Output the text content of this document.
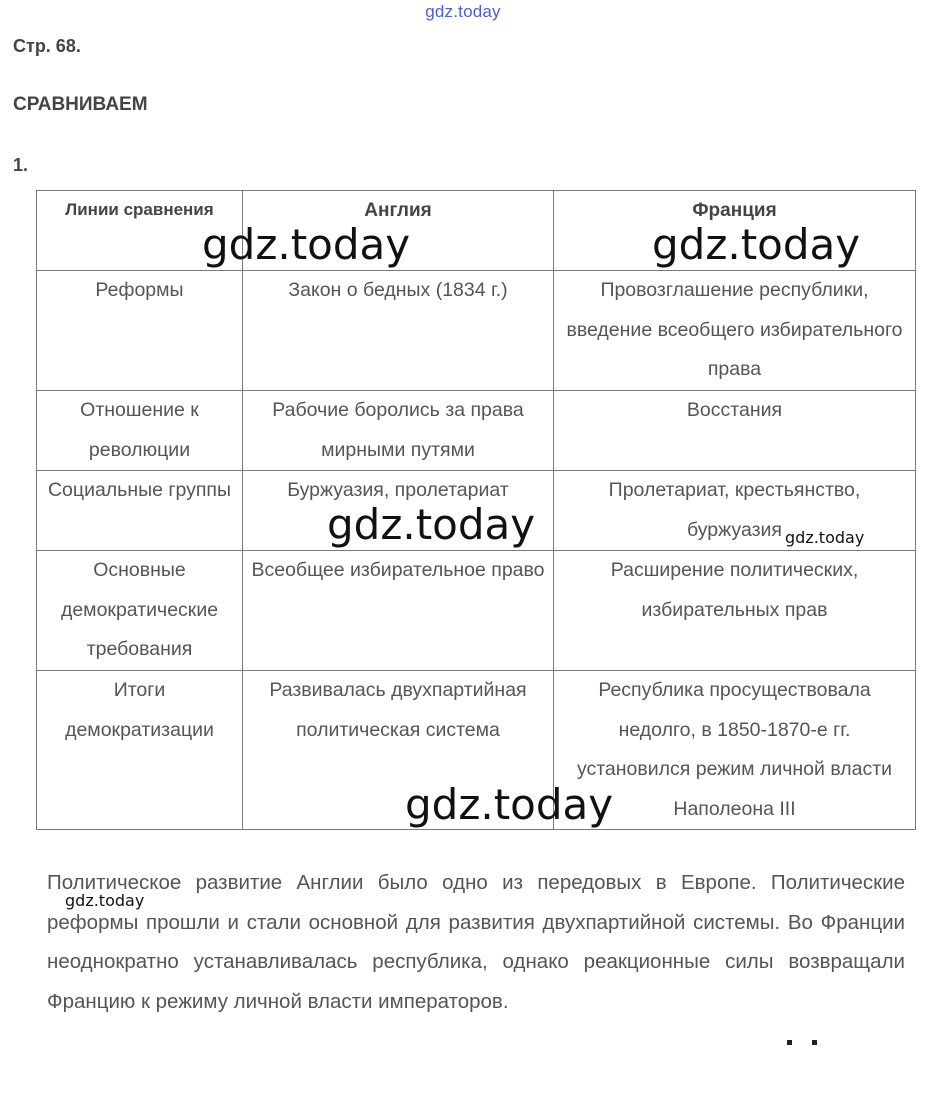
gdz.today
Стр. 68.
СРАВНИВАЕМ
1.
Линии сравнения	Англия	Франция
Реформы	Закон о бедных (1834 г.)	Провозглашение республики, введение всеобщего избирательного права
Отношение к революции	Рабочие боролись за права мирными путями	Восстания
Социальные группы	Буржуазия, пролетариат	Пролетариат, крестьянство, буржуазия
Основные демократические требования	Всеобщее избирательное право	Расширение политических, избирательных прав
Итоги демократизации	Развивалась двухпартийная политическая система	Республика просуществовала недолго, в 1850-1870-е гг. установился режим личной власти Наполеона III

Политическое развитие Англии было одно из передовых в Европе. Политические реформы прошли и стали основной для развития двухпартийной системы. Во Франции неоднократно устанавливалась республика, однако реакционные силы возвращали Францию к режиму личной власти императоров.

gdz.today	gdz.today
gdz.today	gdz.today
gdz.today
gdz.today
